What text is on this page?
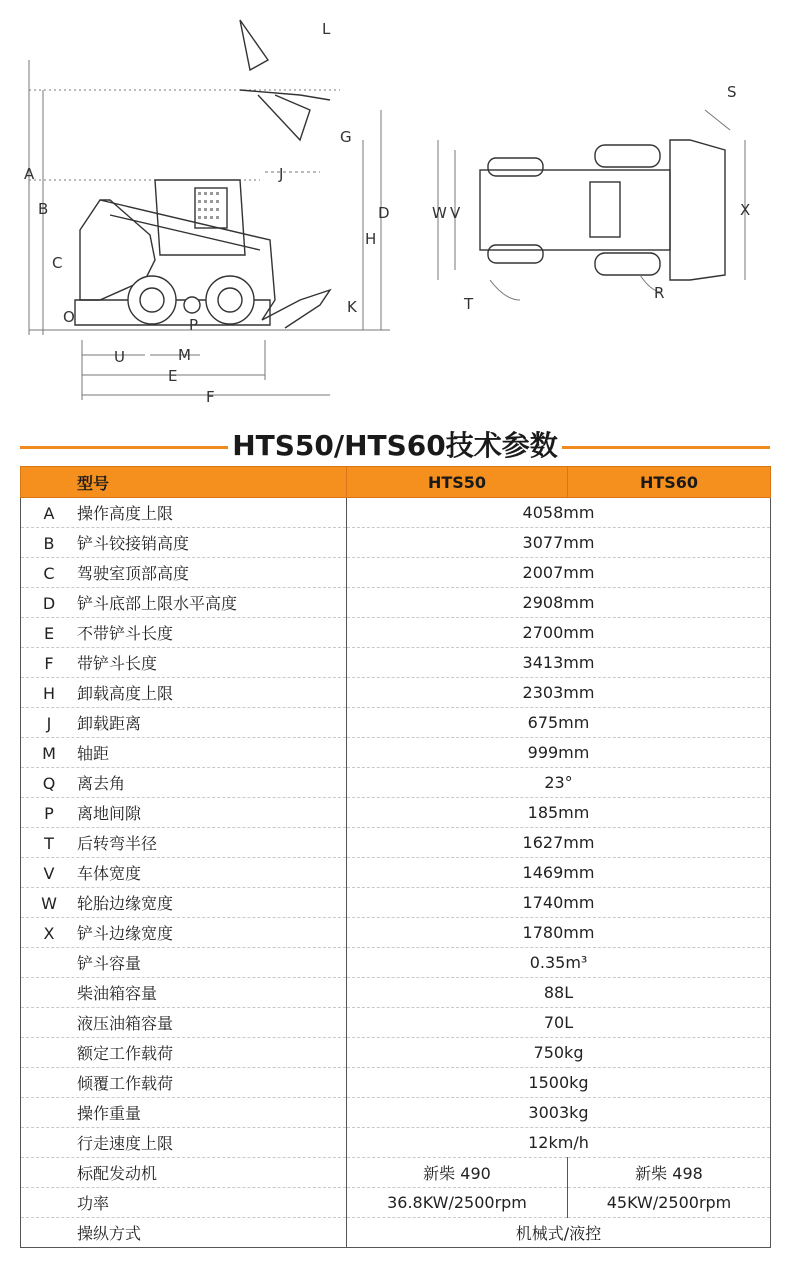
L
G
J
A
B
C
D
H
O	P
K
U	M
E
F
S
W V	X
T
R
HTS50/HTS60技术参数
型号	HTS50	HTS60
A 操作高度上限	4058mm	
B 铲斗铰接销高度	3077mm	
C 驾驶室顶部高度	2007mm	
D 铲斗底部上限水平高度	2908mm	
E 不带铲斗长度	2700mm	
F 带铲斗长度	3413mm	
H 卸载高度上限	2303mm	
J 卸载距离	675mm	
M 轴距	999mm	
Q 离去角	23°	
P 离地间隙	185mm	
T 后转弯半径	1627mm	
V 车体宽度	1469mm	
W 轮胎边缘宽度	1740mm	
X 铲斗边缘宽度	1780mm	
铲斗容量	0.35m³	
柴油箱容量	88L	
液压油箱容量	70L	
额定工作载荷	750kg	
倾覆工作载荷	1500kg	
操作重量	3003kg	
行走速度上限	12km/h	
标配发动机	新柴 490	新柴 498
功率	36.8KW/2500rpm	45KW/2500rpm
操纵方式	机械式/液控	
